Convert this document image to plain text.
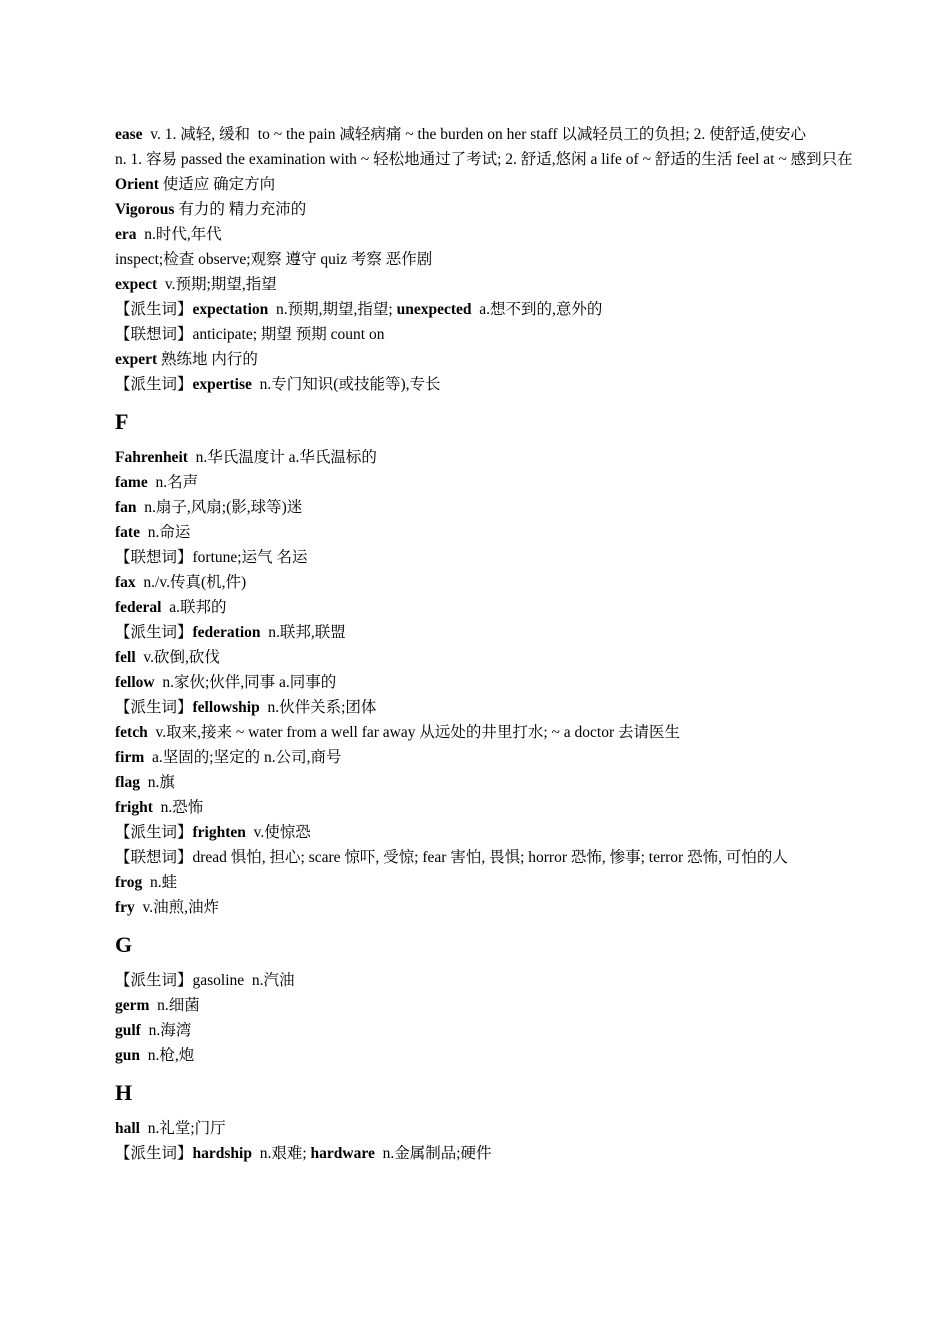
ease  v. 1. 减轻, 缓和  to ~ the pain 减轻病痛 ~ the burden on her staff 以减轻员工的负担; 2. 使舒适,使安心
n. 1. 容易 passed the examination with ~ 轻松地通过了考试; 2. 舒适,悠闲 a life of ~ 舒适的生活 feel at ~ 感到只在
Orient 使适应 确定方向
Vigorous 有力的 精力充沛的
era  n.时代,年代
inspect;检查 observe;观察 遵守 quiz 考察 恶作剧
expect  v.预期;期望,指望
【派生词】expectation  n.预期,期望,指望; unexpected  a.想不到的,意外的
【联想词】anticipate; 期望 预期 count on
expert 熟练地 内行的
【派生词】expertise  n.专门知识(或技能等),专长
F
Fahrenheit  n.华氏温度计 a.华氏温标的
fame  n.名声
fan  n.扇子,风扇;(影,球等)迷
fate  n.命运
【联想词】fortune;运气 名运
fax  n./v.传真(机,件)
federal  a.联邦的
【派生词】federation  n.联邦,联盟
fell  v.砍倒,砍伐
fellow  n.家伙;伙伴,同事 a.同事的
【派生词】fellowship  n.伙伴关系;团体
fetch  v.取来,接来 ~ water from a well far away 从远处的井里打水; ~ a doctor 去请医生
firm  a.坚固的;坚定的 n.公司,商号
flag  n.旗
fright  n.恐怖
【派生词】frighten  v.使惊恐
【联想词】dread 惧怕, 担心; scare 惊吓, 受惊; fear 害怕, 畏惧; horror 恐怖, 惨事; terror 恐怖, 可怕的人
frog  n.蛙
fry  v.油煎,油炸
G
【派生词】gasoline  n.汽油
germ  n.细菌
gulf  n.海湾
gun  n.枪,炮
H
hall  n.礼堂;门厅
【派生词】hardship  n.艰难; hardware  n.金属制品;硬件
